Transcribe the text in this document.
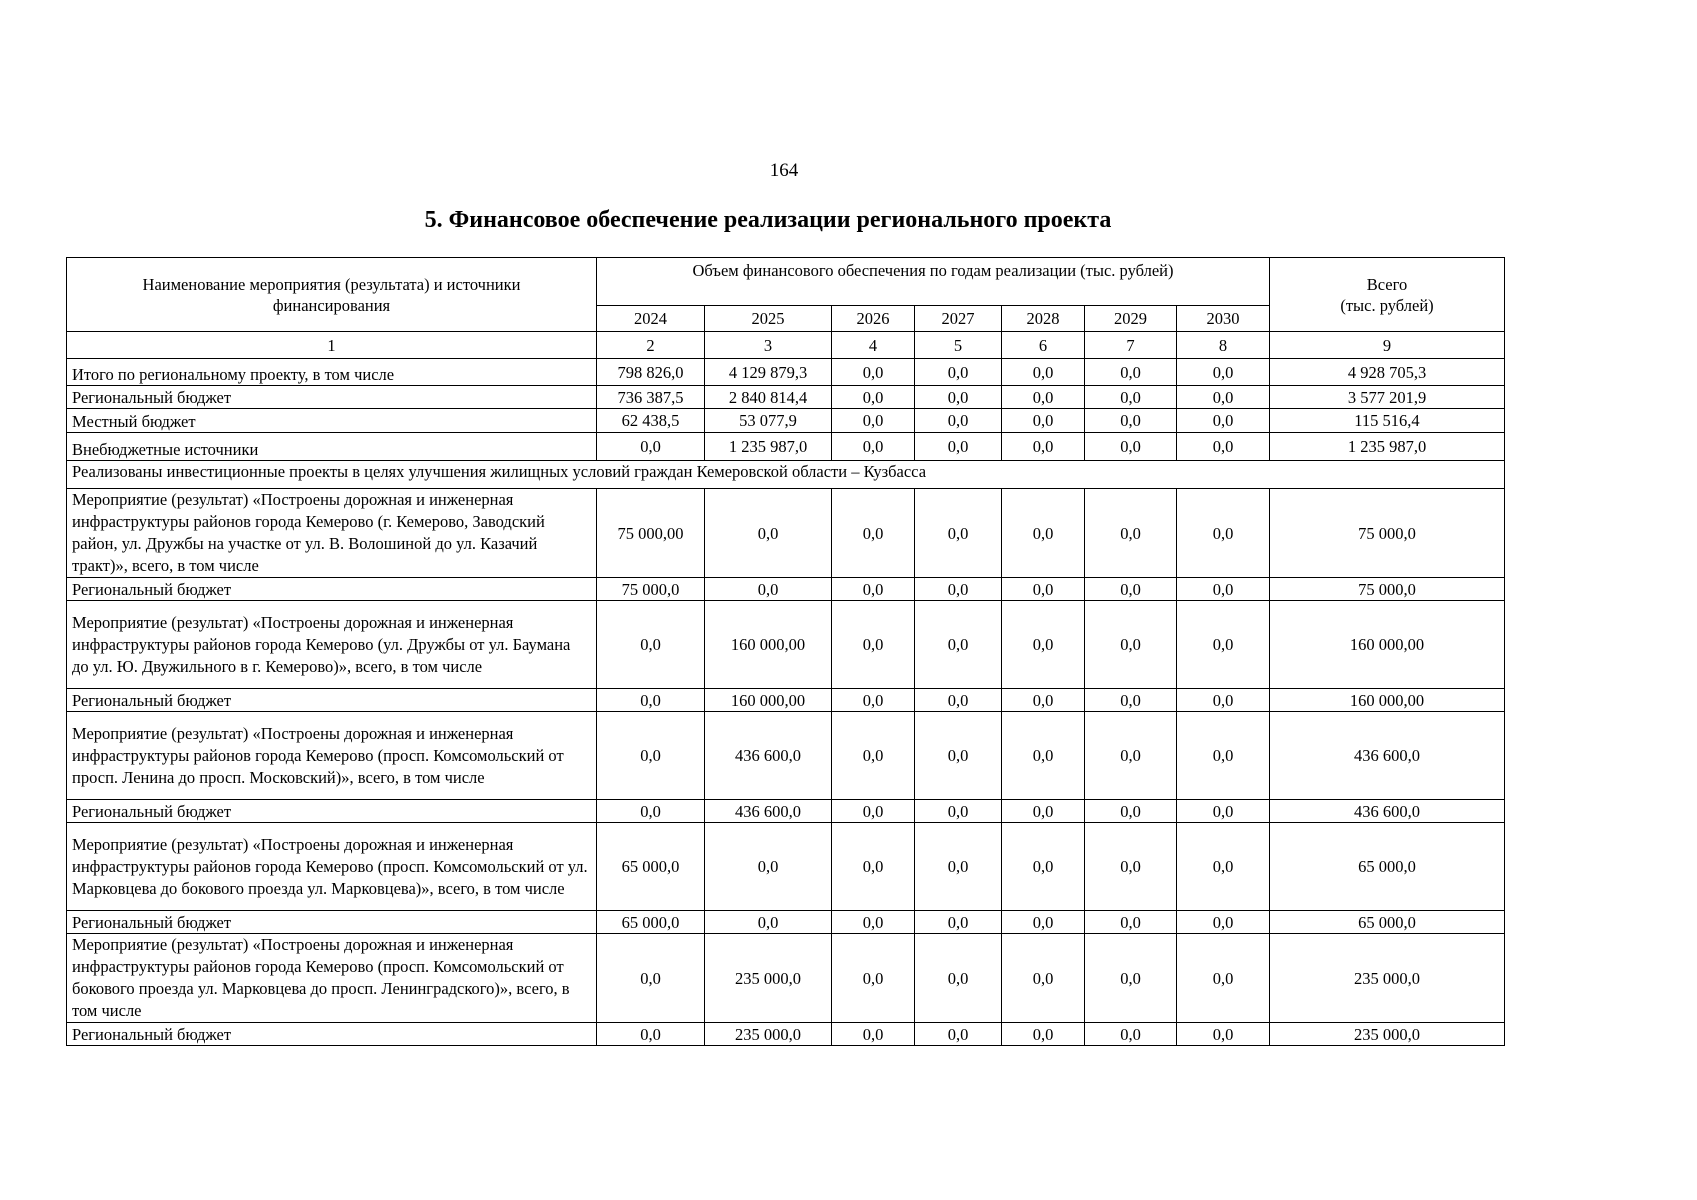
164
5. Финансовое обеспечение реализации регионального проекта
Наименование мероприятия (результата) и источники финансирования	Объем финансового обеспечения по годам реализации (тыс. рублей)							Всего
(тыс. рублей)
	2024	2025	2026	2027	2028	2029	2030	
1	2	3	4	5	6	7	8	9
Итого по региональному проекту, в том числе	798 826,0	4 129 879,3	0,0	0,0	0,0	0,0	0,0	4 928 705,3
Региональный бюджет	736 387,5	2 840 814,4	0,0	0,0	0,0	0,0	0,0	3 577 201,9
Местный бюджет	62 438,5	53 077,9	0,0	0,0	0,0	0,0	0,0	115 516,4
Внебюджетные источники	0,0	1 235 987,0	0,0	0,0	0,0	0,0	0,0	1 235 987,0
Реализованы инвестиционные проекты в целях улучшения жилищных условий граждан Кемеровской области – Кузбасса								
Мероприятие (результат) «Построены дорожная и инженерная инфраструктуры районов города Кемерово (г. Кемерово, Заводский район, ул. Дружбы на участке от ул. В. Волошиной до ул. Казачий тракт)», всего, в том числе	75 000,00	0,0	0,0	0,0	0,0	0,0	0,0	75 000,0
Региональный бюджет	75 000,0	0,0	0,0	0,0	0,0	0,0	0,0	75 000,0
Мероприятие (результат) «Построены дорожная и инженерная инфраструктуры районов города Кемерово (ул. Дружбы от ул. Баумана до ул. Ю. Двужильного в г. Кемерово)», всего, в том числе	0,0	160 000,00	0,0	0,0	0,0	0,0	0,0	160 000,00
Региональный бюджет	0,0	160 000,00	0,0	0,0	0,0	0,0	0,0	160 000,00
Мероприятие (результат) «Построены дорожная и инженерная инфраструктуры районов города Кемерово (просп. Комсомольский от просп. Ленина до просп. Московский)», всего, в том числе	0,0	436 600,0	0,0	0,0	0,0	0,0	0,0	436 600,0
Региональный бюджет	0,0	436 600,0	0,0	0,0	0,0	0,0	0,0	436 600,0
Мероприятие (результат) «Построены дорожная и инженерная инфраструктуры районов города Кемерово (просп. Комсомольский от ул. Марковцева до бокового проезда ул. Марковцева)», всего, в том числе	65 000,0	0,0	0,0	0,0	0,0	0,0	0,0	65 000,0
Региональный бюджет	65 000,0	0,0	0,0	0,0	0,0	0,0	0,0	65 000,0
Мероприятие (результат) «Построены дорожная и инженерная инфраструктуры районов города Кемерово (просп. Комсомольский от бокового проезда ул. Марковцева до просп. Ленинградского)», всего, в том числе	0,0	235 000,0	0,0	0,0	0,0	0,0	0,0	235 000,0
Региональный бюджет	0,0	235 000,0	0,0	0,0	0,0	0,0	0,0	235 000,0
